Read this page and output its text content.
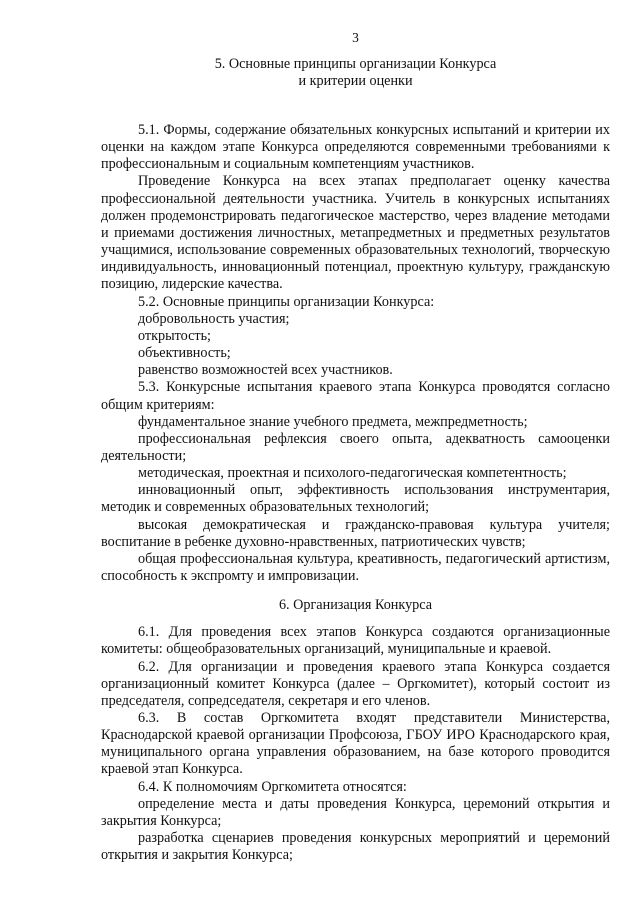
3
5. Основные принципы организации Конкурса
и критерии оценки

5.1. Формы, содержание обязательных конкурсных испытаний и критерии их оценки на каждом этапе Конкурса определяются современными требованиями к профессиональным и социальным компетенциям участников.

Проведение Конкурса на всех этапах предполагает оценку качества профессиональной деятельности участника. Учитель в конкурсных испытаниях должен продемонстрировать педагогическое мастерство, через владение методами и приемами достижения личностных, метапредметных и предметных результатов учащимися, использование современных образовательных технологий, творческую индивидуальность, инновационный потенциал, проектную культуру, гражданскую позицию, лидерские качества.

5.2. Основные принципы организации Конкурса:

добровольность участия;

открытость;

объективность;

равенство возможностей всех участников.

5.3. Конкурсные испытания краевого этапа Конкурса проводятся согласно общим критериям:

фундаментальное знание учебного предмета, межпредметность;

профессиональная рефлексия своего опыта, адекватность самооценки деятельности;

методическая, проектная и психолого-педагогическая компетентность;

инновационный опыт, эффективность использования инструментария, методик и современных образовательных технологий;

высокая демократическая и гражданско-правовая культура учителя; воспитание в ребенке духовно-нравственных, патриотических чувств;

общая профессиональная культура, креативность, педагогический артистизм, способность к экспромту и импровизации.

6. Организация Конкурса

6.1. Для проведения всех этапов Конкурса создаются организационные комитеты: общеобразовательных организаций, муниципальные и краевой.

6.2. Для организации и проведения краевого этапа Конкурса создается организационный комитет Конкурса (далее – Оргкомитет), который состоит из председателя, сопредседателя, секретаря и его членов.

6.3. В состав Оргкомитета входят представители Министерства, Краснодарской краевой организации Профсоюза, ГБОУ ИРО Краснодарского края, муниципального органа управления образованием, на базе которого проводится краевой этап Конкурса.

6.4. К полномочиям Оргкомитета относятся:

определение места и даты проведения Конкурса, церемоний открытия и закрытия Конкурса;

разработка сценариев проведения конкурсных мероприятий и церемоний открытия и закрытия Конкурса;
